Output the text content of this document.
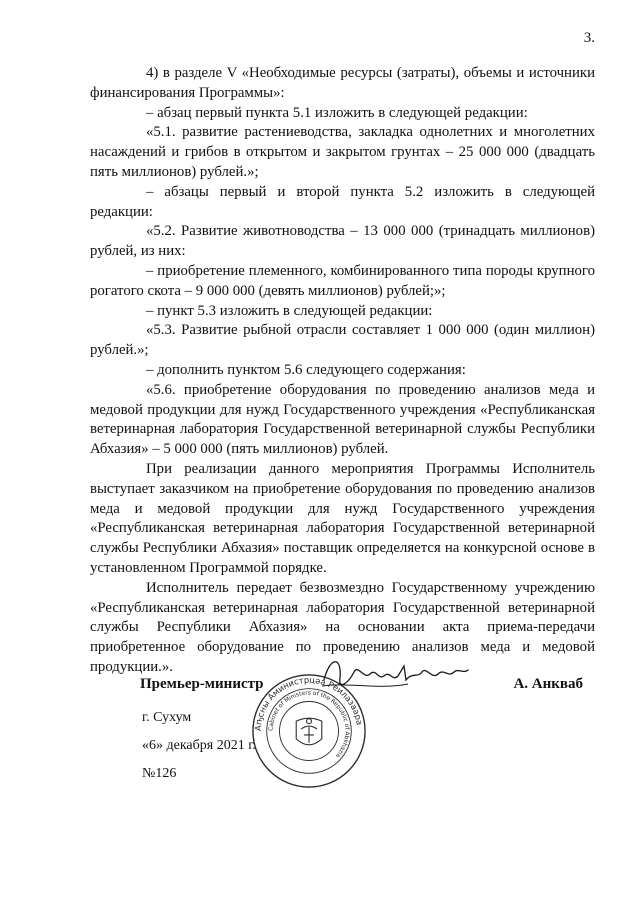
3.

4) в разделе V «Необходимые ресурсы (затраты), объемы и источники финансирования Программы»:

– абзац первый пункта 5.1 изложить в следующей редакции:

«5.1. развитие растениеводства, закладка однолетних и многолетних насаждений и грибов в открытом и закрытом грунтах – 25 000 000 (двадцать пять миллионов) рублей.»;

– абзацы первый и второй пункта 5.2 изложить в следующей редакции:

«5.2. Развитие животноводства – 13 000 000 (тринадцать миллионов) рублей, из них:

– приобретение племенного, комбинированного типа породы крупного рогатого скота – 9 000 000 (девять миллионов) рублей;»;

– пункт 5.3 изложить в следующей редакции:

«5.3. Развитие рыбной отрасли составляет 1 000 000 (один миллион) рублей.»;

– дополнить пунктом 5.6 следующего содержания:

«5.6. приобретение оборудования по проведению анализов меда и медовой продукции для нужд Государственного учреждения «Республиканская ветеринарная лаборатория Государственной ветеринарной службы Республики Абхазия» – 5 000 000 (пять миллионов) рублей.

При реализации данного мероприятия Программы Исполнитель выступает заказчиком на приобретение оборудования по проведению анализов меда и медовой продукции для нужд Государственного учреждения «Республиканская ветеринарная лаборатория Государственной ветеринарной службы Республики Абхазия» поставщик определяется на конкурсной основе в установленном Программой порядке.

Исполнитель передает безвозмездно Государственному учреждению «Республиканская ветеринарная лаборатория Государственной ветеринарной службы Республики Абхазия» на основании акта приема-передачи приобретенное оборудование по проведению анализов меда и медовой продукции.».

Аҧсны Аминистрцәа Реилазаара
Cabinet of Ministers of the Republic of Abkhazia
Премьер-министр	А. Анкваб
г. Сухум
«6» декабря 2021 г.
№126
